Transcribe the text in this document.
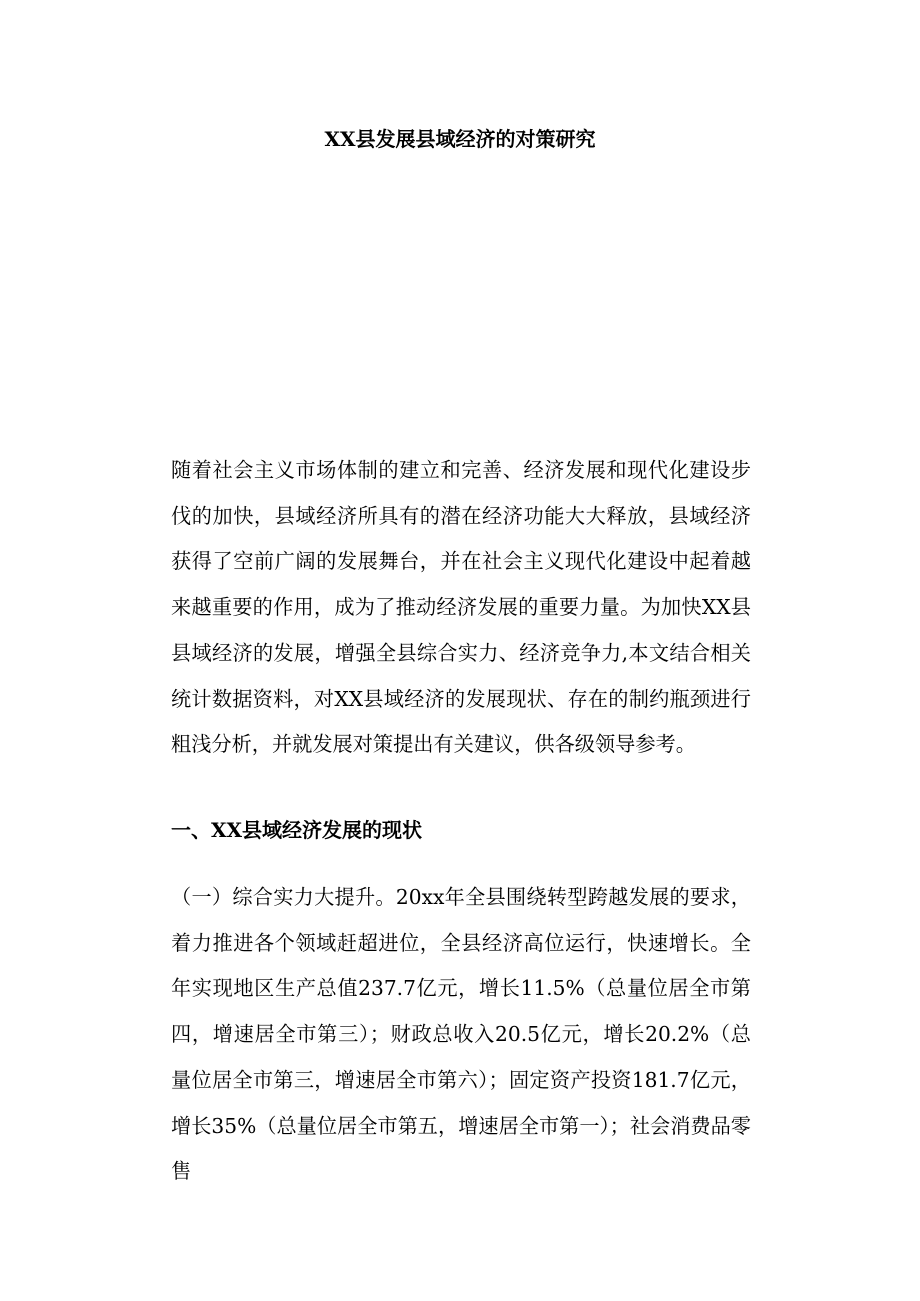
XX县发展县域经济的对策研究

随着社会主义市场体制的建立和完善、经济发展和现代化建设步伐的加快，县域经济所具有的潜在经济功能大大释放，县域经济获得了空前广阔的发展舞台，并在社会主义现代化建设中起着越来越重要的作用，成为了推动经济发展的重要力量。为加快XX县县域经济的发展，增强全县综合实力、经济竞争力,本文结合相关统计数据资料，对XX县域经济的发展现状、存在的制约瓶颈进行粗浅分析，并就发展对策提出有关建议，供各级领导参考。

一、XX县域经济发展的现状

（一）综合实力大提升。20xx年全县围绕转型跨越发展的要求，着力推进各个领域赶超进位，全县经济高位运行，快速增长。全年实现地区生产总值237.7亿元，增长11.5%（总量位居全市第四，增速居全市第三）；财政总收入20.5亿元，增长20.2%（总量位居全市第三，增速居全市第六）；固定资产投资181.7亿元，增长35%（总量位居全市第五，增速居全市第一）；社会消费品零售
